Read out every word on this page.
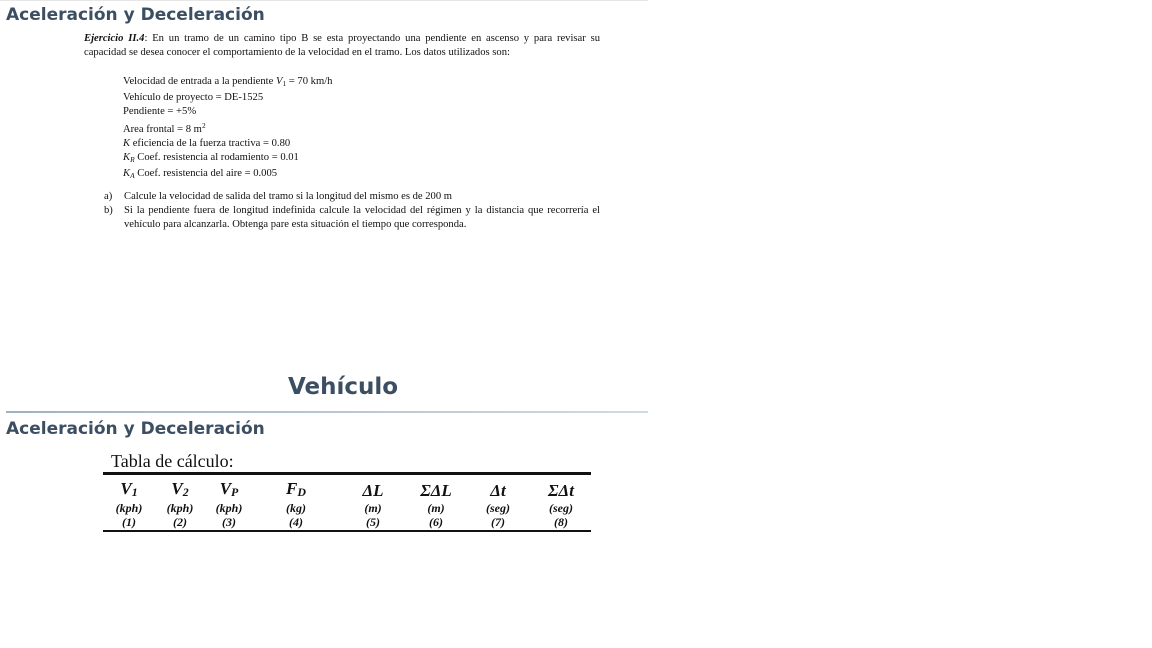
Aceleración y Deceleración
Ejercicio II.4: En un tramo de un camino tipo B se esta proyectando una pendiente en ascenso y para revisar su capacidad se desea conocer el comportamiento de la velocidad en el tramo. Los datos utilizados son:
Velocidad de entrada a la pendiente $V_1 = 70$ km/h
Vehículo de proyecto = DE-1525
Pendiente = +5%
Area frontal = 8 $m^2$
K eficiencia de la fuerza tractiva = 0.80
$K_R$ Coef. resistencia al rodamiento = 0.01
$K_A$ Coef. resistencia del aire = 0.005
a) Calcule la velocidad de salida del tramo si la longitud del mismo es de 200 m
b) Si la pendiente fuera de longitud indefinida calcule la velocidad del régimen y la distancia que recorrería el vehículo para alcanzarla. Obtenga pare esta situación el tiempo que corresponda.
Vehículo
Aceleración y Deceleración
Tabla de cálculo:
$V_1$	$V_2$	$V_P$	$F_D$	ΔL	ΣΔL	Δt	ΣΔt
(kph)	(kph)	(kph)	(kg)	(m)	(m)	(seg)	(seg)
(1)	(2)	(3)	(4)	(5)	(6)	(7)	(8)
